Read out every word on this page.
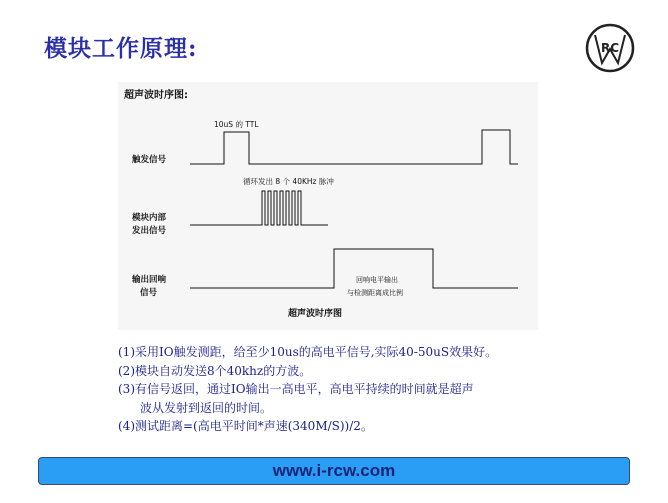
模块工作原理:	RC
超声波时序图:
触发信号
10uS 的 TTL
模块内部
发出信号
循环发出 8 个 40KHz 脉冲
输出回响
信号
回响电平输出
与检测距离成比例
超声波时序图
(1)采用IO触发测距，给至少10us的高电平信号,实际40-50uS效果好。
(2)模块自动发送8个40khz的方波。
(3)有信号返回，通过IO输出一高电平，高电平持续的时间就是超声
波从发射到返回的时间。
(4)测试距离=(高电平时间*声速(340M/S))/2。
www.i-rcw.com
